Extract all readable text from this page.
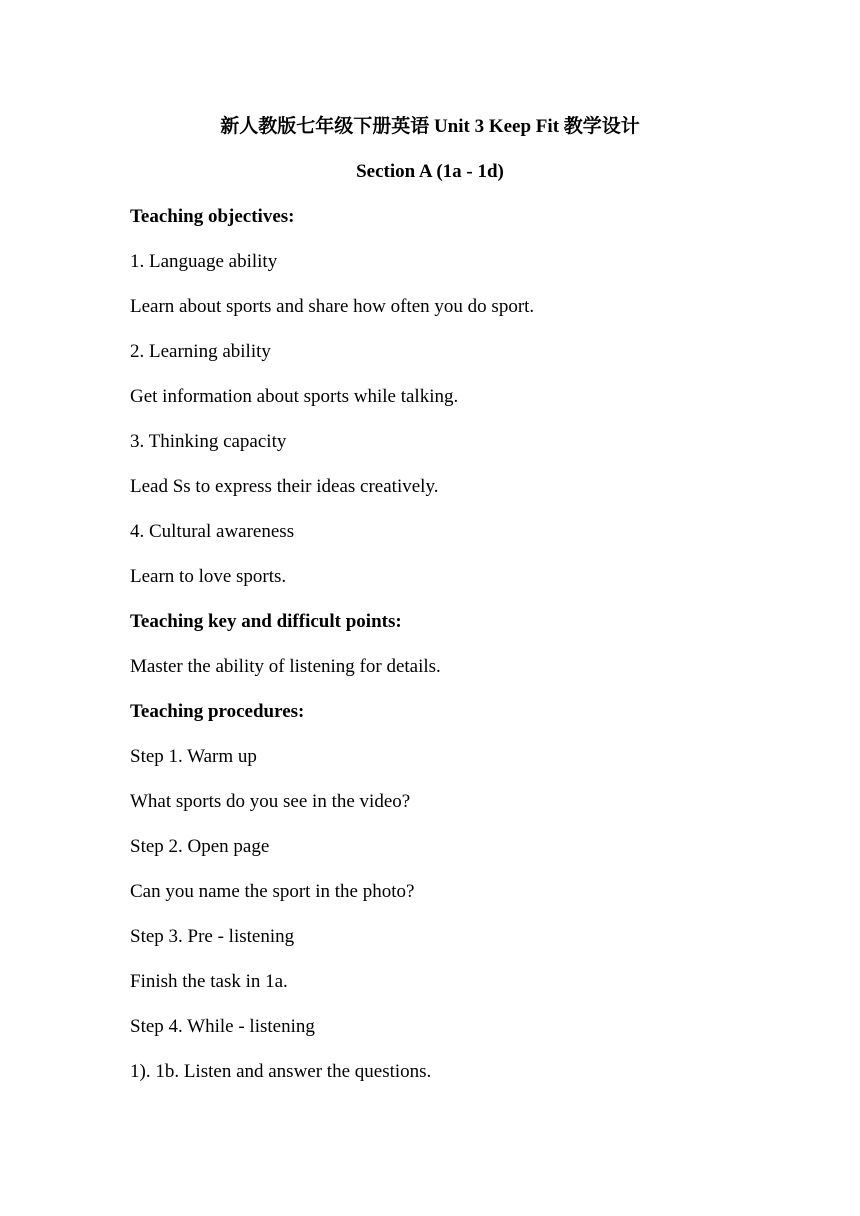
新人教版七年级下册英语 Unit 3 Keep Fit 教学设计
Section A (1a - 1d)
Teaching objectives:
1. Language ability
Learn about sports and share how often you do sport.
2. Learning ability
Get information about sports while talking.
3. Thinking capacity
Lead Ss to express their ideas creatively.
4. Cultural awareness
Learn to love sports.
Teaching key and difficult points:
Master the ability of listening for details.
Teaching procedures:
Step 1. Warm up
What sports do you see in the video?
Step 2. Open page
Can you name the sport in the photo?
Step 3. Pre - listening
Finish the task in 1a.
Step 4. While - listening
1). 1b. Listen and answer the questions.
